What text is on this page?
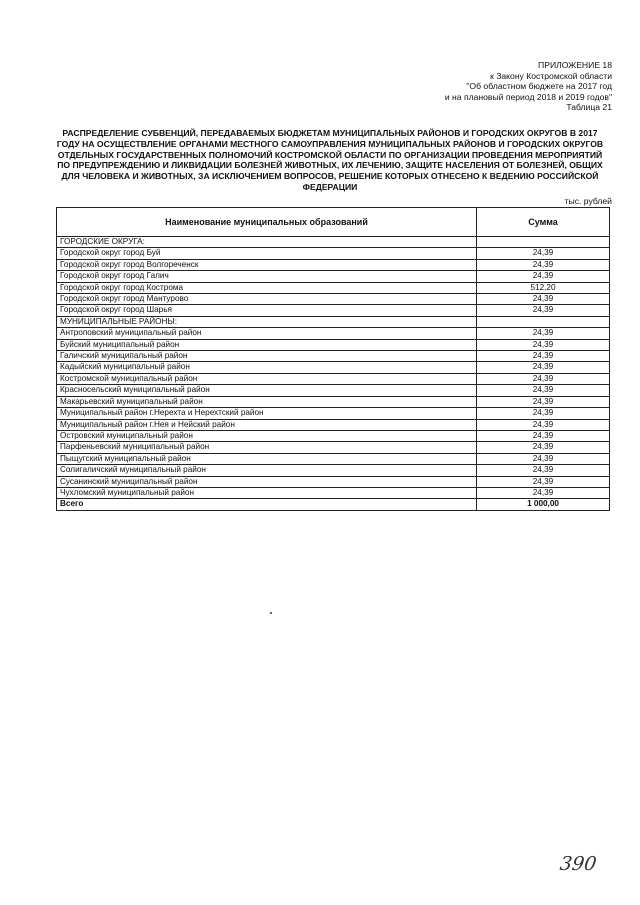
ПРИЛОЖЕНИЕ 18
к Закону Костромской области
"Об областном бюджете на 2017 год
и на плановый период 2018 и 2019 годов"
Таблица 21
РАСПРЕДЕЛЕНИЕ СУБВЕНЦИЙ, ПЕРЕДАВАЕМЫХ БЮДЖЕТАМ МУНИЦИПАЛЬНЫХ РАЙОНОВ И ГОРОДСКИХ ОКРУГОВ В 2017 ГОДУ НА ОСУЩЕСТВЛЕНИЕ ОРГАНАМИ МЕСТНОГО САМОУПРАВЛЕНИЯ МУНИЦИПАЛЬНЫХ РАЙОНОВ И ГОРОДСКИХ ОКРУГОВ ОТДЕЛЬНЫХ ГОСУДАРСТВЕННЫХ ПОЛНОМОЧИЙ КОСТРОМСКОЙ ОБЛАСТИ ПО ОРГАНИЗАЦИИ ПРОВЕДЕНИЯ МЕРОПРИЯТИЙ ПО ПРЕДУПРЕЖДЕНИЮ И ЛИКВИДАЦИИ БОЛЕЗНЕЙ ЖИВОТНЫХ, ИХ ЛЕЧЕНИЮ, ЗАЩИТЕ НАСЕЛЕНИЯ ОТ БОЛЕЗНЕЙ, ОБЩИХ ДЛЯ ЧЕЛОВЕКА И ЖИВОТНЫХ, ЗА ИСКЛЮЧЕНИЕМ ВОПРОСОВ, РЕШЕНИЕ КОТОРЫХ ОТНЕСЕНО К ВЕДЕНИЮ РОССИЙСКОЙ ФЕДЕРАЦИИ
тыс. рублей
Наименование муниципальных образований	Сумма
ГОРОДСКИЕ ОКРУГА:	
Городской округ город Буй	24,39
Городской округ город Волгореченск	24,39
Городской округ город Галич	24,39
Городской округ город Кострома	512,20
Городской округ город Мантурово	24,39
Городской округ город Шарья	24,39
МУНИЦИПАЛЬНЫЕ РАЙОНЫ:	
Антроповский муниципальный район	24,39
Буйский муниципальный район	24,39
Галичский муниципальный район	24,39
Кадыйский муниципальный район	24,39
Костромской муниципальный район	24,39
Красносельский муниципальный район	24,39
Макарьевский муниципальный район	24,39
Муниципальный район г.Нерехта и Нерехтский район	24,39
Муниципальный район г.Нея и Нейский район	24,39
Островский муниципальный район	24,39
Парфеньевский муниципальный район	24,39
Пыщугский муниципальный район	24,39
Солигаличский муниципальный район	24,39
Сусанинский муниципальный район	24,39
Чухломский муниципальный район	24,39
Всего	1 000,00
390
